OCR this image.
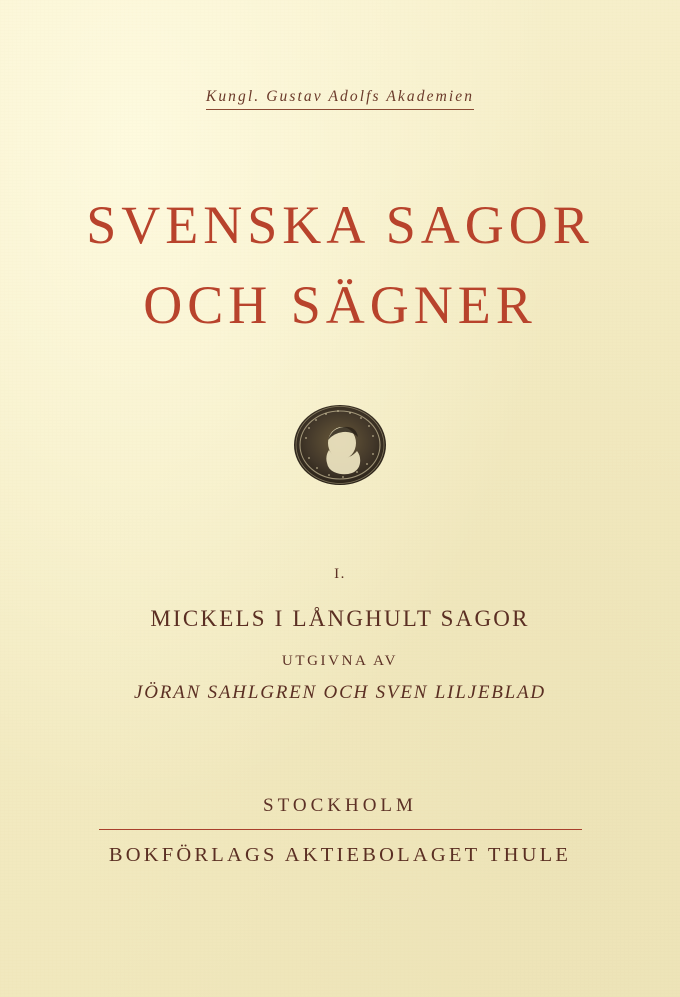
Kungl. Gustav Adolfs Akademien
SVENSKA SAGOR
OCH SÄGNER
I.
MICKELS I LÅNGHULT SAGOR
UTGIVNA AV
JÖRAN SAHLGREN OCH SVEN LILJEBLAD
STOCKHOLM
BOKFÖRLAGS AKTIEBOLAGET THULE
